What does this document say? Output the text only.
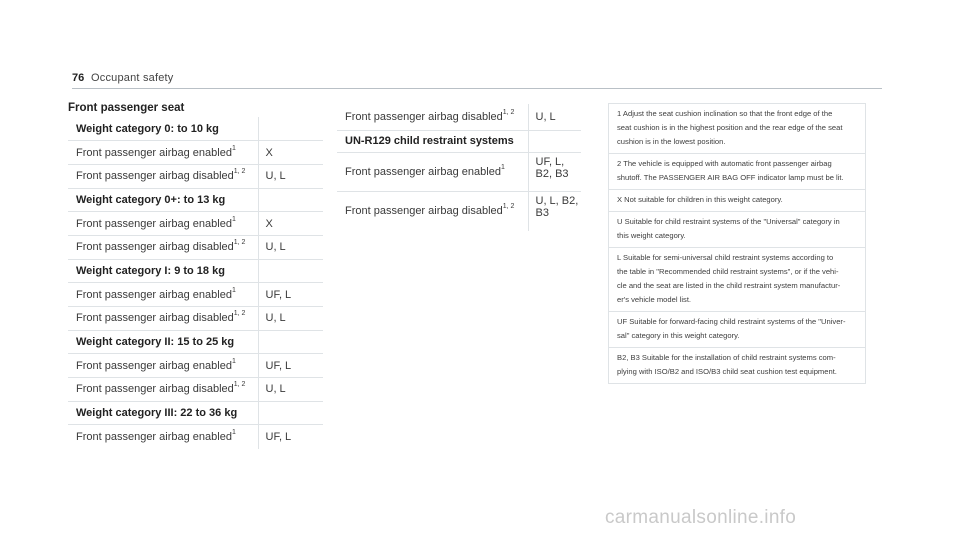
76 Occupant safety
Front passenger seat
Weight category 0: to 10 kg	
Front passenger airbag enabled$^1$	X
Front passenger airbag disabled$^{1, 2}$	U, L
Weight category 0+: to 13 kg	
Front passenger airbag enabled$^1$	X
Front passenger airbag disabled$^{1, 2}$	U, L
Weight category I: 9 to 18 kg	
Front passenger airbag enabled$^1$	UF, L
Front passenger airbag disabled$^{1, 2}$	U, L
Weight category II: 15 to 25 kg	
Front passenger airbag enabled$^1$	UF, L
Front passenger airbag disabled$^{1, 2}$	U, L
Weight category III: 22 to 36 kg	
Front passenger airbag enabled$^1$	UF, L
Front passenger airbag disabled$^{1, 2}$	U, L
UN-R129 child restraint systems	
Front passenger airbag enabled$^1$	UF, L,
B2, B3
Front passenger airbag disabled$^{1, 2}$	U, L, B2,
B3
1 Adjust the seat cushion inclination so that the front edge of the
seat cushion is in the highest position and the rear edge of the seat
cushion is in the lowest position.
2 The vehicle is equipped with automatic front passenger airbag
shutoff. The PASSENGER AIR BAG OFF indicator lamp must be lit.
X Not suitable for children in this weight category.
U Suitable for child restraint systems of the "Universal" category in
this weight category.
L Suitable for semi-universal child restraint systems according to
the table in "Recommended child restraint systems", or if the vehi-
cle and the seat are listed in the child restraint system manufactur-
er's vehicle model list.
UF Suitable for forward-facing child restraint systems of the "Univer-
sal" category in this weight category.
B2, B3 Suitable for the installation of child restraint systems com-
plying with ISO/B2 and ISO/B3 child seat cushion test equipment.
carmanualsonline.info
